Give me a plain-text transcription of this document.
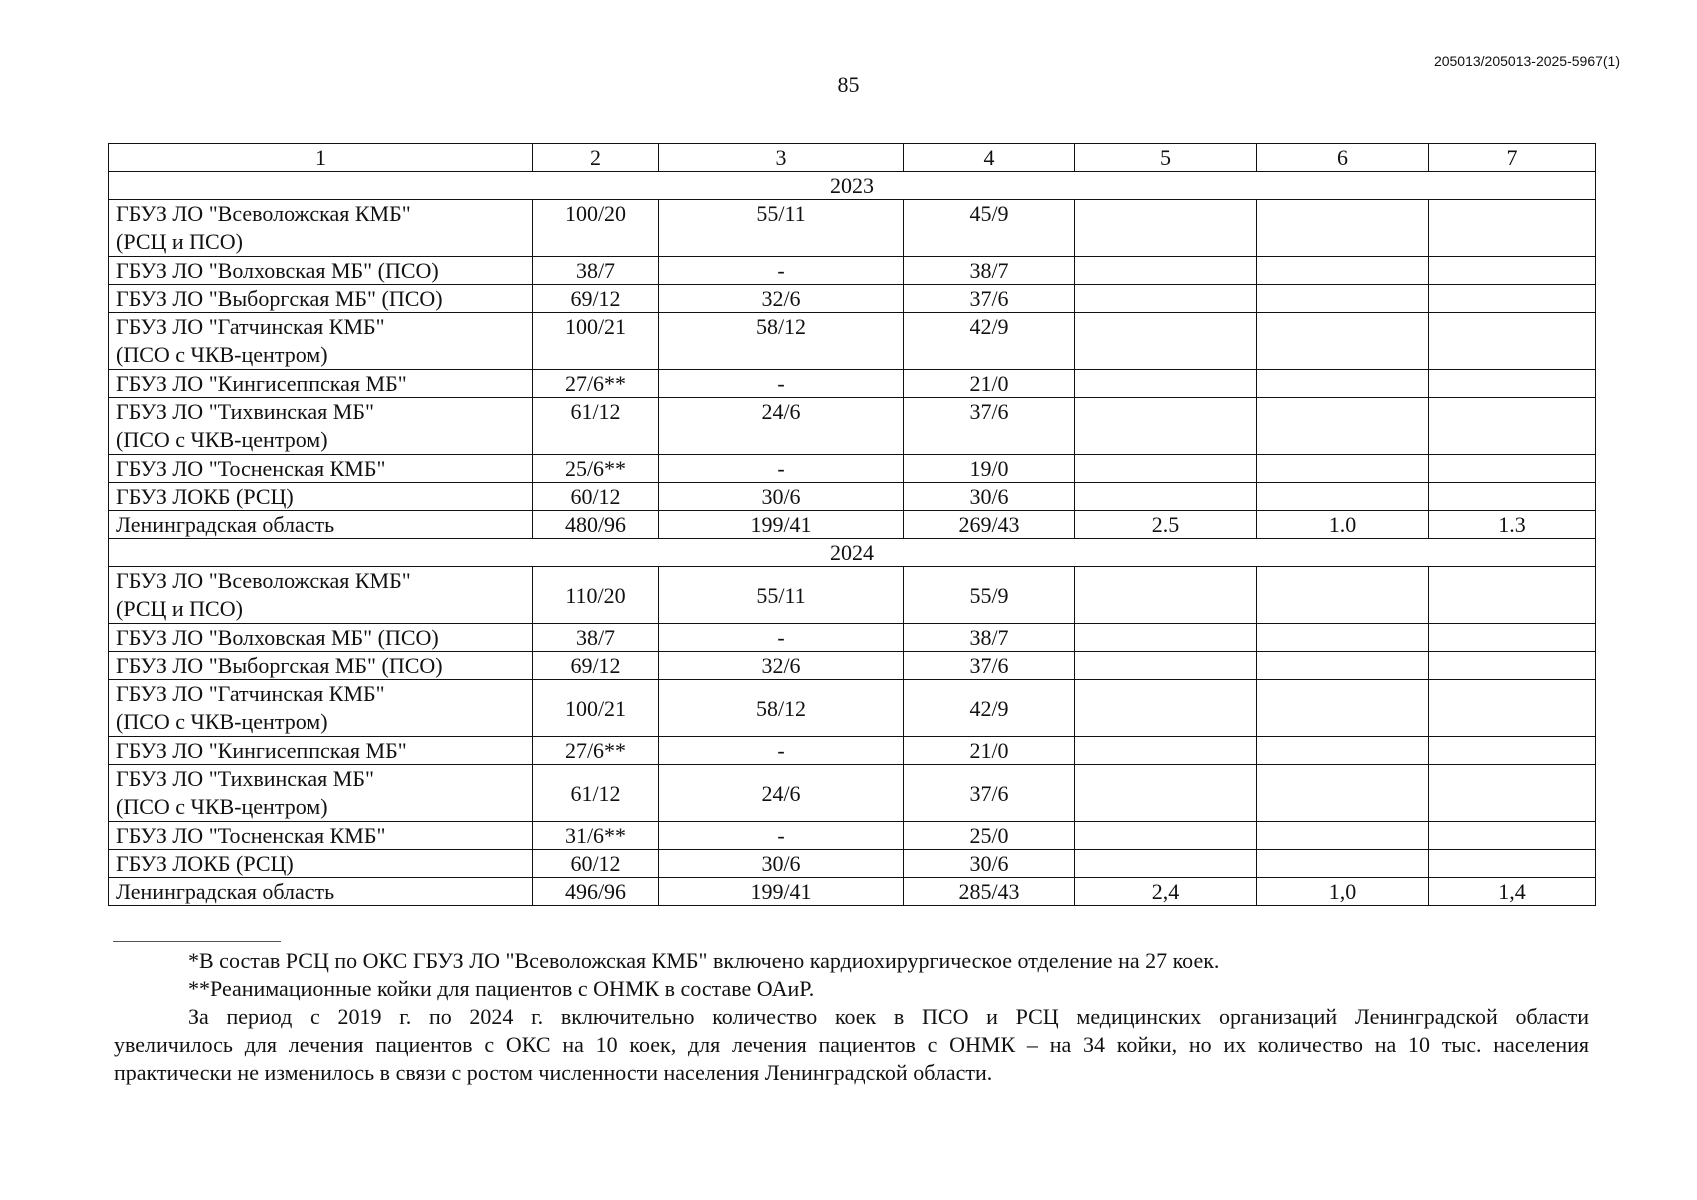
205013/205013-2025-5967(1)
85
1	2	3	4	5	6	7
2023						

ГБУЗ ЛО "Всеволожская КМБ"
(РСЦ и ПСО)	100/20	55/11	45/9			
ГБУЗ ЛО "Волховская МБ" (ПСО)	38/7	-	38/7			
ГБУЗ ЛО "Выборгская МБ" (ПСО)	69/12	32/6	37/6			

ГБУЗ ЛО "Гатчинская КМБ"
(ПСО с ЧКВ-центром)	100/21	58/12	42/9			
ГБУЗ ЛО "Кингисеппская МБ"	27/6**	-	21/0			

ГБУЗ ЛО "Тихвинская МБ"
(ПСО с ЧКВ-центром)	61/12	24/6	37/6			
ГБУЗ ЛО "Тосненская КМБ"	25/6**	-	19/0			
ГБУЗ ЛОКБ (РСЦ)	60/12	30/6	30/6			
Ленинградская область	480/96	199/41	269/43	2.5	1.0	1.3
2024						

ГБУЗ ЛО "Всеволожская КМБ"
(РСЦ и ПСО)	110/20	55/11	55/9			
ГБУЗ ЛО "Волховская МБ" (ПСО)	38/7	-	38/7			
ГБУЗ ЛО "Выборгская МБ" (ПСО)	69/12	32/6	37/6			

ГБУЗ ЛО "Гатчинская КМБ"
(ПСО с ЧКВ-центром)	100/21	58/12	42/9			
ГБУЗ ЛО "Кингисеппская МБ"	27/6**	-	21/0			

ГБУЗ ЛО "Тихвинская МБ"
(ПСО с ЧКВ-центром)	61/12	24/6	37/6			
ГБУЗ ЛО "Тосненская КМБ"	31/6**	-	25/0			
ГБУЗ ЛОКБ (РСЦ)	60/12	30/6	30/6			
Ленинградская область	496/96	199/41	285/43	2,4	1,0	1,4

*В состав РСЦ по ОКС ГБУЗ ЛО "Всеволожская КМБ" включено кардиохирургическое отделение на 27 коек.

**Реанимационные койки для пациентов с ОНМК в составе ОАиР.

За период с 2019 г. по 2024 г. включительно количество коек в ПСО и РСЦ медицинских организаций Ленинградской области

увеличилось для лечения пациентов с ОКС на 10 коек, для лечения пациентов с ОНМК – на 34 койки, но их количество на 10 тыс. населения

практически не изменилось в связи с ростом численности населения Ленинградской области.
